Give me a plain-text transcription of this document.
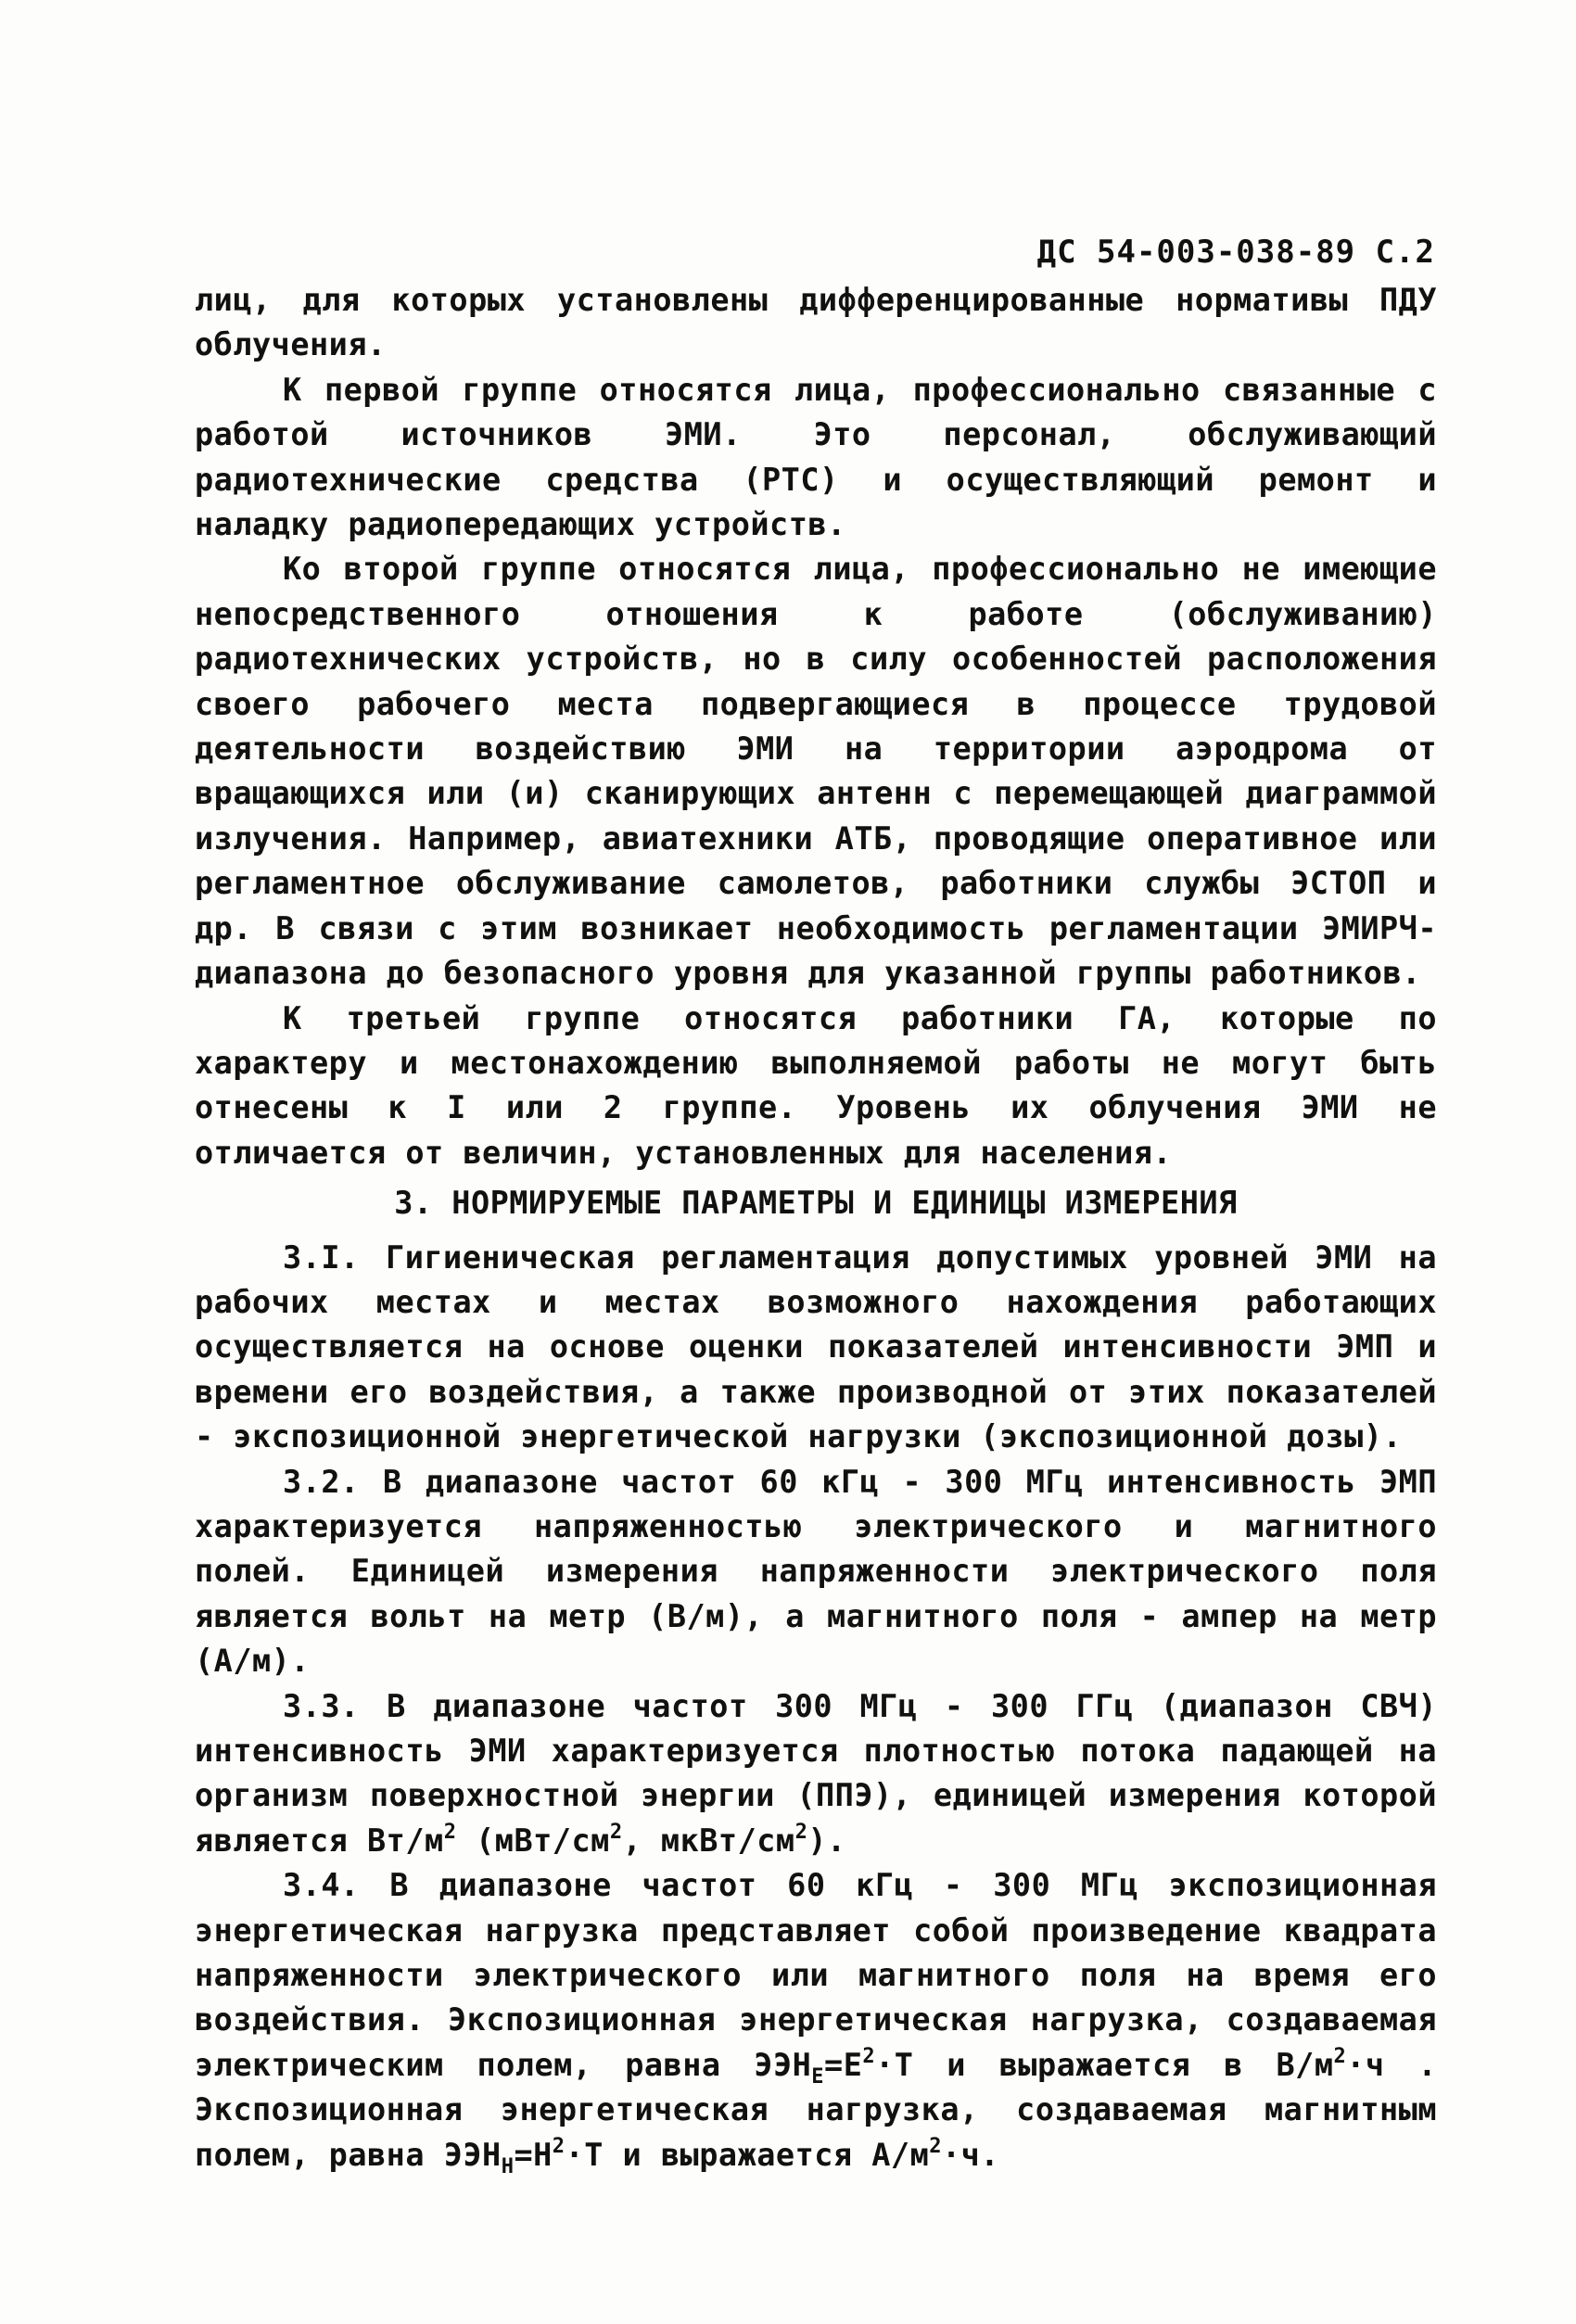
ДС 54-003-038-89 С.2

лиц, для которых установлены дифференцированные нормативы ПДУ облучения.

К первой группе относятся лица, профессионально связанные с работой источников ЭМИ. Это персонал, обслуживающий радиотехнические средства (РТС) и осуществляющий ремонт и наладку радиопередающих устройств.

Ко второй группе относятся лица, профессионально не имеющие непосредственного отношения к работе (обслуживанию) радиотехнических устройств, но в силу особенностей расположения своего рабочего места подвергающиеся в процессе трудовой деятельности воздействию ЭМИ на территории аэродрома от вращающихся или (и) сканирующих антенн с перемещающей диаграммой излучения. Например, авиатехники АТБ, проводящие оперативное или регламентное обслуживание самолетов, работники службы ЭСТОП и др. В связи с этим возникает необходимость регламентации ЭМИРЧ-диапазона до безопасного уровня для указанной группы работников.

К третьей группе относятся работники ГА, которые по характеру и местонахождению выполняемой работы не могут быть отнесены к I или 2 группе. Уровень их облучения ЭМИ не отличается от величин, установленных для населения.

3. НОРМИРУЕМЫЕ ПАРАМЕТРЫ И ЕДИНИЦЫ ИЗМЕРЕНИЯ

3.I. Гигиеническая регламентация допустимых уровней ЭМИ на рабочих местах и местах возможного нахождения работающих осуществляется на основе оценки показателей интенсивности ЭМП и времени его воздействия, а также производной от этих показателей - экспозиционной энергетической нагрузки (экспозиционной дозы).

3.2. В диапазоне частот 60 кГц - 300 МГц интенсивность ЭМП характеризуется напряженностью электрического и магнитного полей. Единицей измерения напряженности электрического поля является вольт на метр (В/м), а магнитного поля - ампер на метр (А/м).

3.3. В диапазоне частот 300 МГц - 300 ГГц (диапазон СВЧ) интенсивность ЭМИ характеризуется плотностью потока падающей на организм поверхностной энергии (ППЭ), единицей измерения которой является $Вт/м^2$ ($мВт/см^2$, мкВт/$см^2$).

3.4. В диапазоне частот 60 кГц - 300 МГц экспозиционная энергетическая нагрузка представляет собой произведение квадрата напряженности электрического или магнитного поля на время его воздействия. Экспозиционная энергетическая нагрузка, создаваемая электрическим полем, равна $ЭЭН_Е=Е^2\cdot Т$ и выражается в $В/м^2\cdot ч$ . Экспозиционная энергетическая нагрузка, создаваемая магнитным полем, равна $ЭЭН_Н=Н^2\cdot Т$ и выражается $А/м^2\cdot ч$.
